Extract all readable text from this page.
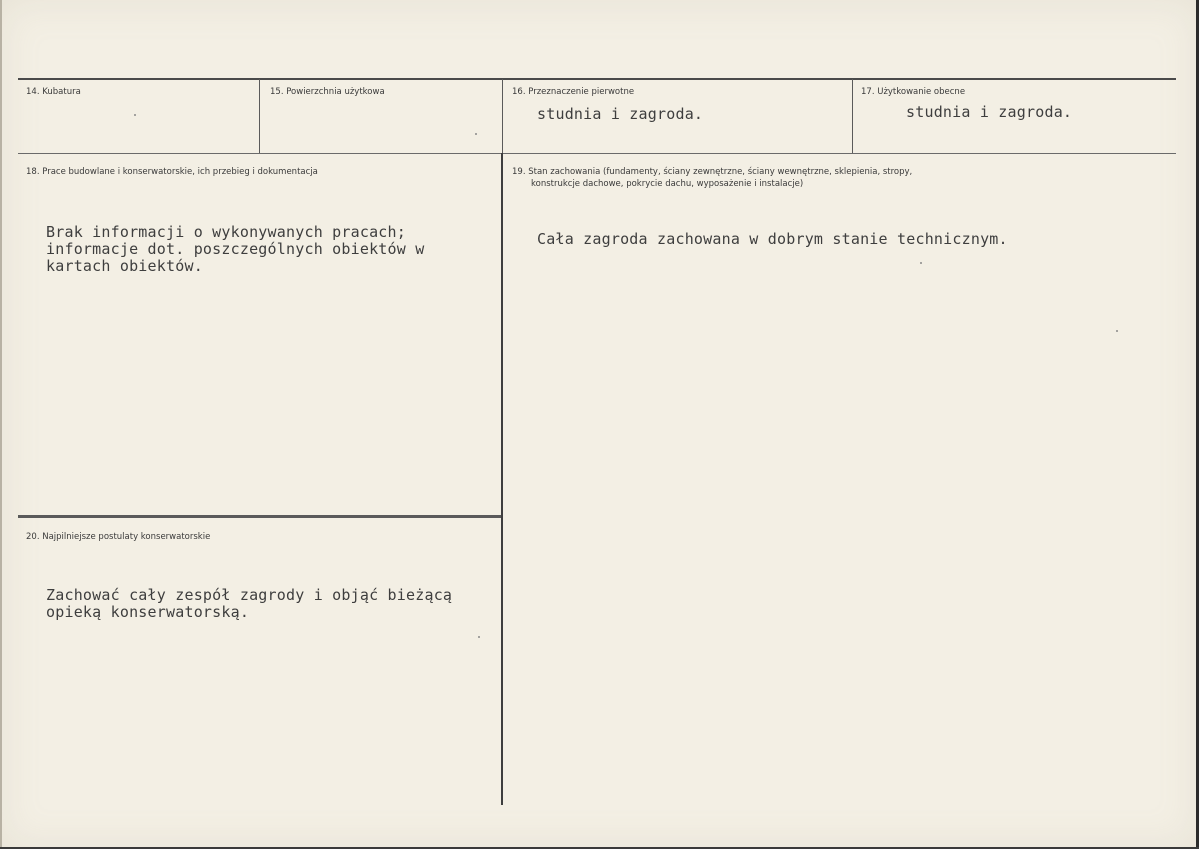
14. Kubatura	15. Powierzchnia użytkowa	16. Przeznaczenie pierwotne
studnia i zagroda.
17. Użytkowanie obecne
studnia i zagroda.
18. Prace budowlane i konserwatorskie, ich przebieg i dokumentacja
Brak informacji o wykonywanych pracach;
informacje dot. poszczególnych obiektów w
kartach obiektów.
19. Stan zachowania (fundamenty, ściany zewnętrzne, ściany wewnętrzne, sklepienia, stropy,
konstrukcje dachowe, pokrycie dachu, wyposażenie i instalacje)
Cała zagroda zachowana w dobrym stanie technicznym.
20. Najpilniejsze postulaty konserwatorskie
Zachować cały zespół zagrody i objąć bieżącą
opieką konserwatorską.
